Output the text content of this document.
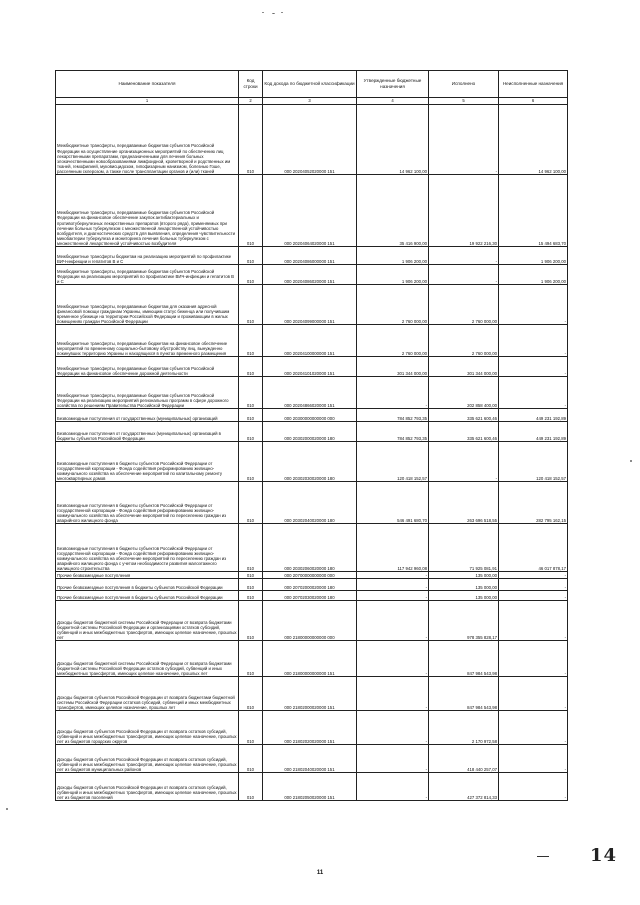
Наименование показателя	Код строки	Код дохода по бюджетной классификации	Утвержденные бюджетные назначения	Исполнено	Неисполненные назначения
1	2	3	4	5	6
Межбюджетные трансферты, передаваемые бюджетам субъектов Российской Федерации на осуществление организационных мероприятий по обеспечению лиц лекарственными препаратами, предназначенными для лечения больных злокачественными новообразованиями лимфоидной, кроветворной и родственных им тканей, гемофилией, муковисцидозом, гипофизарным нанизмом, болезнью Гоше, рассеянным склерозом, а также после трансплантации органов и (или) тканей	010	000 20204052020000 151	14 962 100,00	-	14 962 100,00
Межбюджетные трансферты, передаваемые бюджетам субъектов Российской Федерации на финансовое обеспечение закупок антибактериальных и противотуберкулезных лекарственных препаратов (второго ряда), применяемых при лечении больных туберкулезом с множественной лекарственной устойчивостью возбудителя, и диагностических средств для выявления, определения чувствительности микобактерии туберкулеза и мониторинга лечения больных туберкулезом с множественной лекарственной устойчивостью возбудителя	010	000 20204064020000 151	35 416 900,00	19 922 216,30	15 494 683,70
Межбюджетные трансферты бюджетам на реализацию мероприятий по профилактике ВИЧ-инфекции и гепатитов В и С	010	000 20204086000000 151	1 906 200,00	-	1 906 200,00
Межбюджетные трансферты, передаваемые бюджетам субъектов Российской Федерации на реализацию мероприятий по профилактике ВИЧ-инфекции и гепатитов В и С	010	000 20204086020000 151	1 906 200,00	-	1 906 200,00
Межбюджетные трансферты, передаваемые бюджетам для оказания адресной финансовой помощи гражданам Украины, имеющим статус беженца или получившим временное убежище на территории Российской Федерации и проживающим в жилых помещениях граждан Российской Федерации	010	000 20204099000000 151	2 760 000,00	2 760 000,00	-
Межбюджетные трансферты, передаваемые бюджетам на финансовое обеспечение мероприятий по временному социально-бытовому обустройству лиц, вынужденно покинувших территорию Украины и находящихся в пунктах временного размещения	010	000 20204100000000 151	2 760 000,00	2 760 000,00	-
Межбюджетные трансферты, передаваемые бюджетам субъектов Российской Федерации на финансовое обеспечение дорожной деятельности	010	000 20204101020000 151	301 344 000,00	301 344 000,00	-
Межбюджетные трансферты, передаваемые бюджетам субъектов Российской Федерации на реализацию мероприятий региональных программ в сфере дорожного хозяйства по решениям Правительства Российской Федерации	010	000 20204866020000 151	-	202 858 400,00	-
Безвозмездные поступления от государственных (муниципальных) организаций	010	000 20300000000000 000	784 852 793,35	335 621 600,46	449 231 192,89
Безвозмездные поступления от государственных (муниципальных) организаций в бюджеты субъектов Российской Федерации	010	000 20302000020000 180	784 852 793,35	335 621 600,46	449 231 192,89
Безвозмездные поступления в бюджеты субъектов Российской Федерации от государственной корпорации - Фонда содействия реформированию жилищно-коммунального хозяйства на обеспечение мероприятий по капитальному ремонту многоквартирных домов	010	000 20302030020000 180	120 418 152,57	-	120 418 152,57
Безвозмездные поступления в бюджеты субъектов Российской Федерации от государственной корпорации - Фонда содействия реформированию жилищно-коммунального хозяйства на обеспечение мероприятий по переселению граждан из аварийного жилищного фонда	010	000 20302040020000 180	546 491 680,70	263 696 518,55	282 795 162,15
Безвозмездные поступления в бюджеты субъектов Российской Федерации от государственной корпорации - Фонда содействия реформированию жилищно-коммунального хозяйства на обеспечение мероприятий по переселению граждан из аварийного жилищного фонда с учетом необходимости развития малоэтажного жилищного строительства	010	000 20302060020000 180	117 942 960,08	71 925 081,91	46 017 878,17
Прочие безвозмездные поступления	010	000 20700000000000 000	-	135 000,00	-
Прочие безвозмездные поступления в бюджеты субъектов Российской Федерации	010	000 20702000020000 180	-	135 000,00	-
Прочие безвозмездные поступления в бюджеты субъектов Российской Федерации	010	000 20702030020000 180	-	135 000,00	-
Доходы бюджетов бюджетной системы Российской Федерации от возврата бюджетами бюджетной системы Российской Федерации и организациями остатков субсидий, субвенций и иных межбюджетных трансфертов, имеющих целевое назначение, прошлых лет	010	000 21800000000000 000	-	978 355 828,17	-
Доходы бюджетов бюджетной системы Российской Федерации от возврата бюджетами бюджетной системы Российской Федерации остатков субсидий, субвенций и иных межбюджетных трансфертов, имеющих целевое назначение, прошлых лет	010	000 21800000000000 151	-	847 984 543,98	-
Доходы бюджетов субъектов Российской Федерации от возврата бюджетами бюджетной системы Российской Федерации остатков субсидий, субвенций и иных межбюджетных трансфертов, имеющих целевое назначение, прошлых лет	010	000 21802000020000 151	-	847 984 543,98	-
Доходы бюджетов субъектов Российской Федерации от возврата остатков субсидий, субвенций и иных межбюджетных трансфертов, имеющих целевое назначение, прошлых лет из бюджетов городских округов	010	000 21802020020000 151	-	2 170 972,58	-
Доходы бюджетов субъектов Российской Федерации от возврата остатков субсидий, субвенций и иных межбюджетных трансфертов, имеющих целевое назначение, прошлых лет из бюджетов муниципальных районов	010	000 21802040020000 151	-	418 440 257,07	-
Доходы бюджетов субъектов Российской Федерации от возврата остатков субсидий, субвенций и иных межбюджетных трансфертов, имеющих целевое назначение, прошлых лет из бюджетов поселений	010	000 21802050020000 151	-	427 372 814,33	-
11
14
